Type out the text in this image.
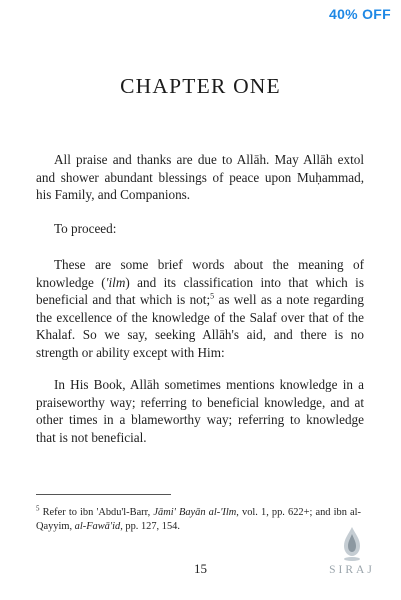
40% OFF
CHAPTER ONE

All praise and thanks are due to Allāh. May Allāh extol and shower abundant blessings of peace upon Muḥammad, his Family, and Companions.

To proceed:

These are some brief words about the meaning of knowledge ('ilm) and its classification into that which is beneficial and that which is not;$^5$ as well as a note regarding the excellence of the knowledge of the Salaf over that of the Khalaf. So we say, seeking Allāh's aid, and there is no strength or ability except with Him:

In His Book, Allāh sometimes mentions knowledge in a praiseworthy way; referring to beneficial knowledge, and at other times in a blameworthy way; referring to knowledge that is not beneficial.

$^5$ Refer to ibn 'Abdu'l-Barr, Jāmi' Bayān al-'Ilm, vol. 1, pp. 622+; and ibn al-Qayyim, al-Fawā'id, pp. 127, 154.

15	SIRAJ
